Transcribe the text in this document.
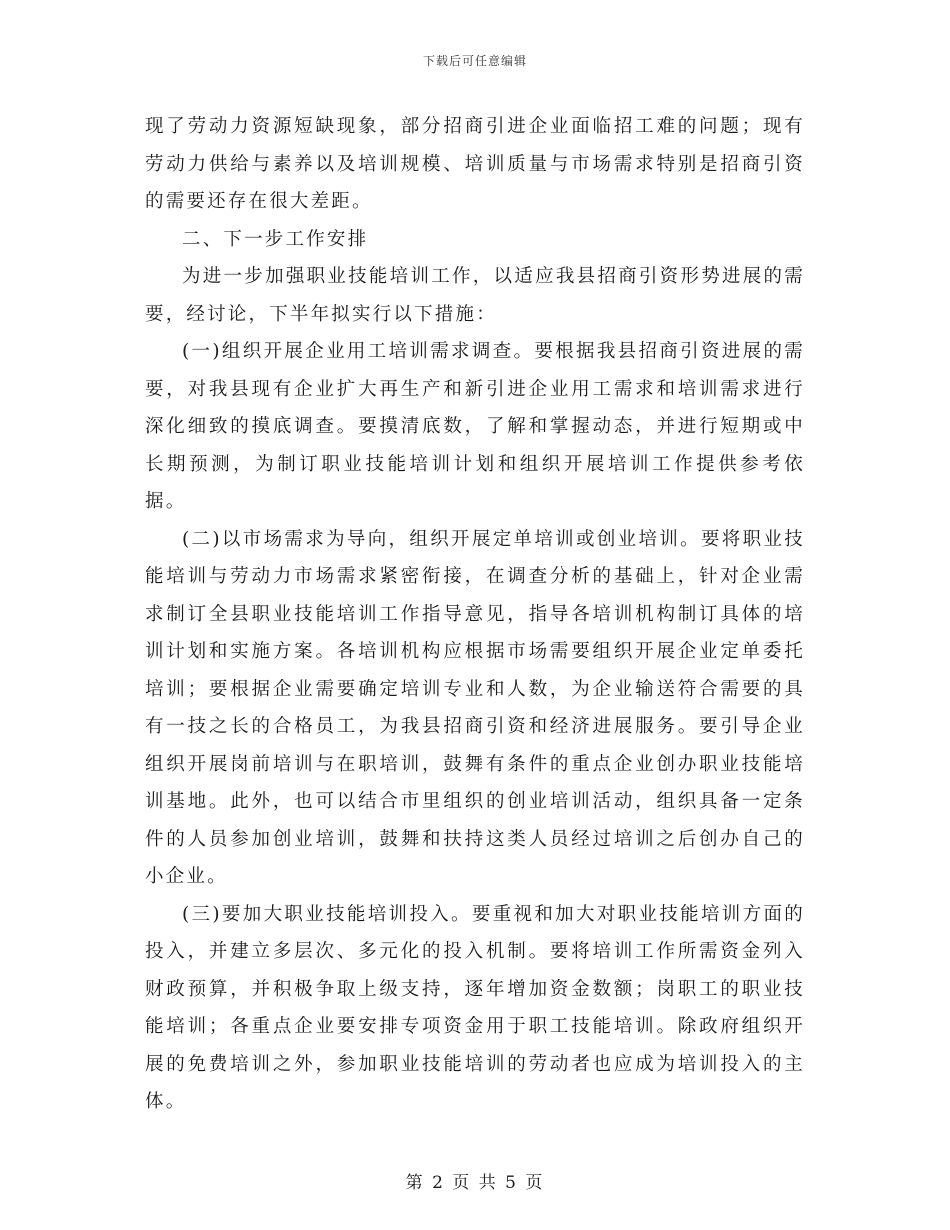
下载后可任意编辑

现了劳动力资源短缺现象，部分招商引进企业面临招工难的问题；现有劳动力供给与素养以及培训规模、培训质量与市场需求特别是招商引资的需要还存在很大差距。

二、下一步工作安排

为进一步加强职业技能培训工作，以适应我县招商引资形势进展的需要，经讨论，下半年拟实行以下措施：

(一)组织开展企业用工培训需求调查。要根据我县招商引资进展的需要，对我县现有企业扩大再生产和新引进企业用工需求和培训需求进行深化细致的摸底调查。要摸清底数，了解和掌握动态，并进行短期或中长期预测，为制订职业技能培训计划和组织开展培训工作提供参考依据。

(二)以市场需求为导向，组织开展定单培训或创业培训。要将职业技能培训与劳动力市场需求紧密衔接，在调查分析的基础上，针对企业需求制订全县职业技能培训工作指导意见，指导各培训机构制订具体的培训计划和实施方案。各培训机构应根据市场需要组织开展企业定单委托培训；要根据企业需要确定培训专业和人数，为企业输送符合需要的具有一技之长的合格员工，为我县招商引资和经济进展服务。要引导企业组织开展岗前培训与在职培训，鼓舞有条件的重点企业创办职业技能培训基地。此外，也可以结合市里组织的创业培训活动，组织具备一定条件的人员参加创业培训，鼓舞和扶持这类人员经过培训之后创办自己的小企业。

(三)要加大职业技能培训投入。要重视和加大对职业技能培训方面的投入，并建立多层次、多元化的投入机制。要将培训工作所需资金列入财政预算，并积极争取上级支持，逐年增加资金数额；岗职工的职业技能培训；各重点企业要安排专项资金用于职工技能培训。除政府组织开展的免费培训之外，参加职业技能培训的劳动者也应成为培训投入的主体。

第 2 页 共 5 页
